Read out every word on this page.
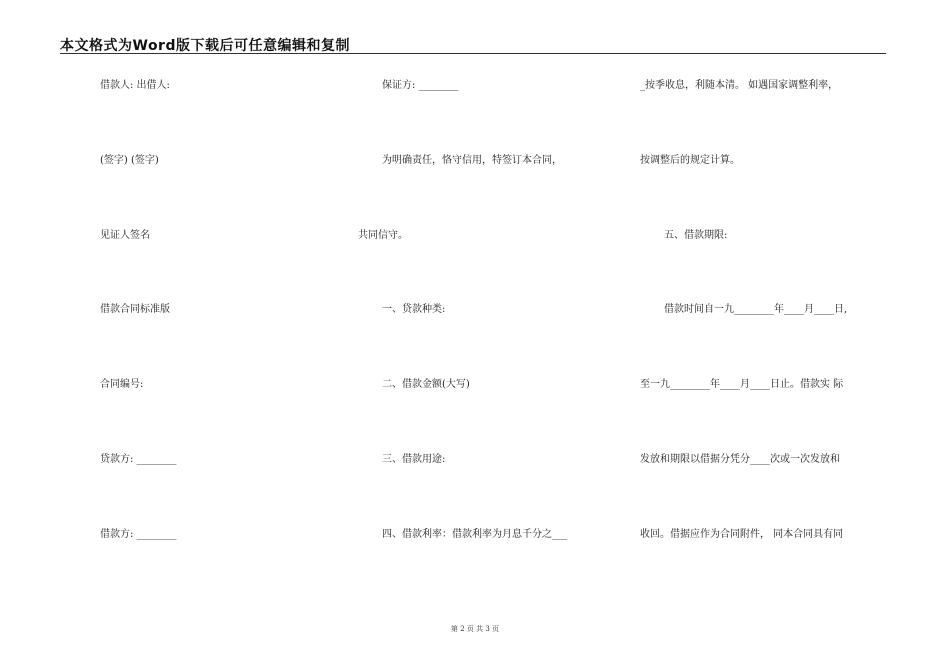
本文格式为Word版下载后可任意编辑和复制
借款人: 出借人:
(签字) (签字)
见证人签名
借款合同标准版
合同编号:
贷款方: ________
借款方: ________
保证方: ________
为明确责任，恪守信用，特签订本合同，
共同信守。
一、贷款种类:
二、借款金额(大写)
三、借款用途:
四、借款利率：借款利率为月息千分之___
_按季收息，利随本清。 如遇国家调整利率，
按调整后的规定计算。
五、借款期限:
借款时间自一九________年____月____日,
至一九________年____月____日止。借款实 际
发放和期限以借据分凭分____次或一次发放和
收回。借据应作为合同附件， 同本合同具有同
第 2 页 共 3 页
